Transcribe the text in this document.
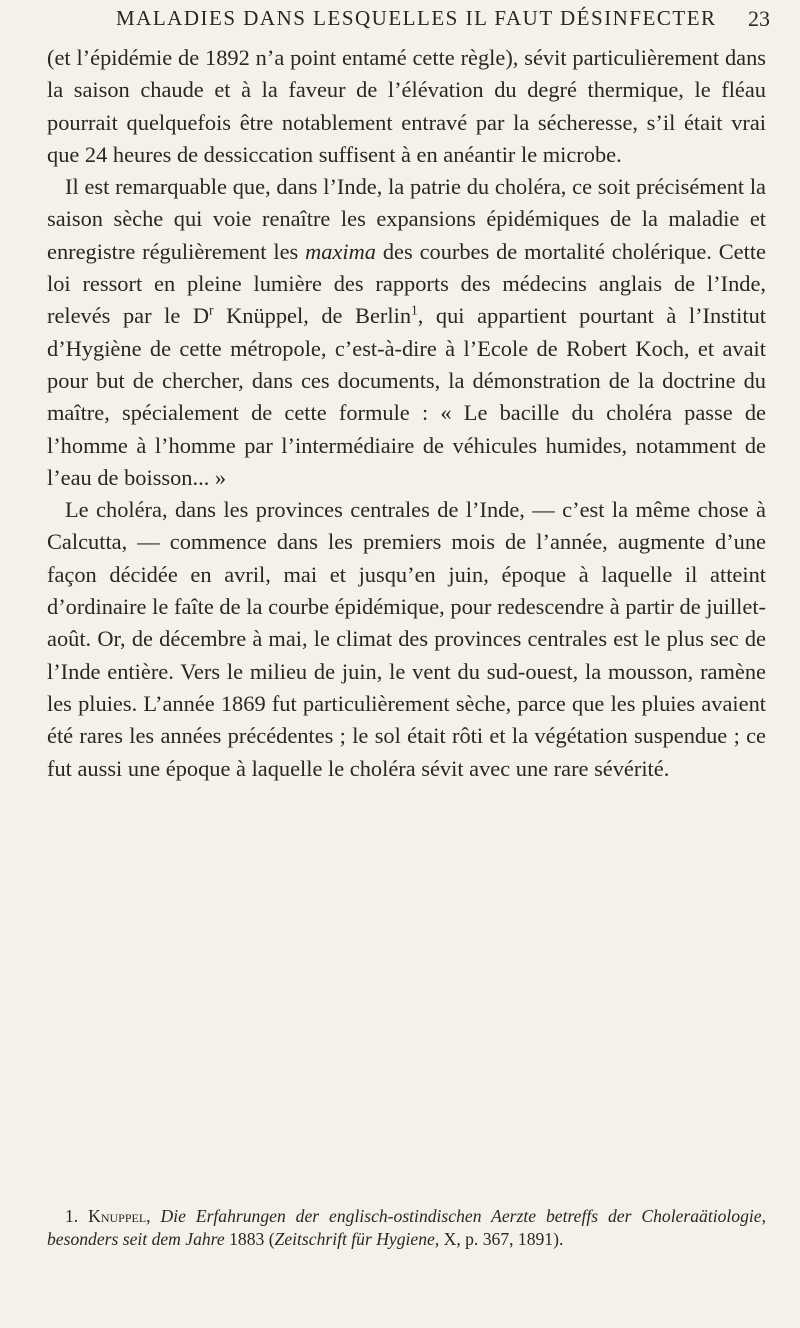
MALADIES DANS LESQUELLES IL FAUT DÉSINFECTER 23

(et l’épidémie de 1892 n’a point entamé cette règle), sévit particulièrement dans la saison chaude et à la faveur de l’élévation du degré thermique, le fléau pourrait quelquefois être notablement entravé par la sécheresse, s’il était vrai que 24 heures de dessiccation suffisent à en anéantir le microbe.

Il est remarquable que, dans l’Inde, la patrie du choléra, ce soit précisément la saison sèche qui voie renaître les expansions épidémiques de la maladie et enregistre régulièrement les maxima des courbes de mortalité cholérique. Cette loi ressort en pleine lumière des rapports des médecins anglais de l’Inde, relevés par le $D^r$ Knüppel, de Berlin$^1$, qui appartient pourtant à l’Institut d’Hygiène de cette métropole, c’est-à-dire à l’Ecole de Robert Koch, et avait pour but de chercher, dans ces documents, la démonstration de la doctrine du maître, spécialement de cette formule : « Le bacille du choléra passe de l’homme à l’homme par l’intermédiaire de véhicules humides, notamment de l’eau de boisson... »

Le choléra, dans les provinces centrales de l’Inde, — c’est la même chose à Calcutta, — commence dans les premiers mois de l’année, augmente d’une façon décidée en avril, mai et jusqu’en juin, époque à laquelle il atteint d’ordinaire le faîte de la courbe épidémique, pour redescendre à partir de juillet-août. Or, de décembre à mai, le climat des provinces centrales est le plus sec de l’Inde entière. Vers le milieu de juin, le vent du sud-ouest, la mousson, ramène les pluies. L’année 1869 fut particulièrement sèche, parce que les pluies avaient été rares les années précédentes ; le sol était rôti et la végétation suspendue ; ce fut aussi une époque à laquelle le choléra sévit avec une rare sévérité.

1. Knuppel, Die Erfahrungen der englisch-ostindischen Aerzte betreffs der Choleraätiologie, besonders seit dem Jahre 1883 (Zeitschrift für Hygiene, X, p. 367, 1891).
